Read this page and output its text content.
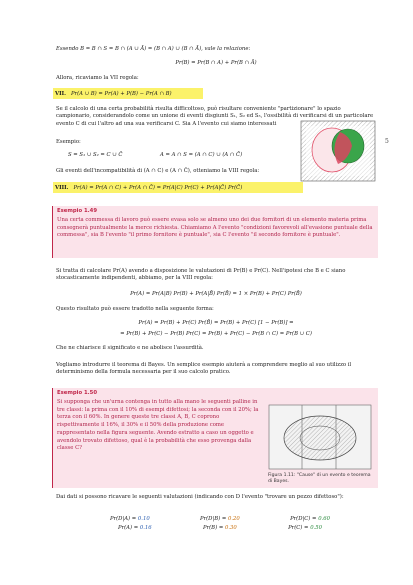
Essendo B = B ∩ S = B ∩ (A ∪ Ā) = (B ∩ A) ∪ (B ∩ Ā), vale la relazione:
Pr(B) = Pr(B ∩ A) + Pr(B ∩ Ā)
Allora, ricaviamo la VII regola:
VII. Pr(A ∪ B) = Pr(A) + P(B) − Pr(A ∩ B)
Se il calcolo di una certa probabilità risulta difficoltoso, può risultare conveniente "partizionare" lo spazio campionario, considerandolo come un unione di eventi disgiunti S₁, S₂ ed S₃, l'ossibilità di verificarsi di un particolare evento C di cui l'altro ad una sua verificarsi C. Sia A l'evento cui siamo interessati
Esempio:
S = S₁ ∪ S₂ = C ∪ C̄	A = A ∩ S = (A ∩ C) ∪ (A ∩ C̄)
5
Gli eventi dell'incompatibilità di (A ∩ C) e (A ∩ C̄), otteniamo la VIII regola:
VIII. Pr(A) = Pr(A ∩ C) + Pr(A ∩ C̄) = Pr(A|C) Pr(C) + Pr(A|C̄) Pr(C̄)
Esempio 1.49
Una certa commessa di lavoro può essere evasa solo se almeno uno dei due fornitori di un elemento materia prima consegnerà puntualmente la merce richiesta. Chiamiamo A l'evento "condizioni favorevoli all'evasione puntuale della commessa", sia B l'evento "il primo fornitore è puntuale", sia C l'evento "il secondo fornitore è puntuale".
Si tratta di calcolare Pr(A) avendo a disposizione le valutazioni di Pr(B) e Pr(C). Nell'ipotesi che B e C siano stocasticamente indipendenti, abbiamo, per la VIII regola:
Pr(A) = Pr(A|B) Pr(B) + Pr(A|B̄) Pr(B̄) = 1 × Pr(B) + Pr(C) Pr(B̄)
Questo risultato può essere tradotto nella seguente forma:
Pr(A) = Pr(B) + Pr(C) Pr(B̄) = Pr(B) + Pr(C) [1 − Pr(B)] =
= Pr(B) + Pr(C) − Pr(B) Pr(C) = Pr(B) + Pr(C) − Pr(B ∩ C) = Pr(B ∪ C)
Che ne chiarisce il significato e ne abolisce l'assurdità.
Vogliamo introdurre il teorema di Bayes. Un semplice esempio aiuterà a comprendere meglio al suo utilizzo il determinismo della formula necessaria per il suo calcolo pratico.
Esempio 1.50
Si supponga che un'urna contenga in tutto alla mano le seguenti palline in tre classi: la prima con il 10% di esempi difettosi; la seconda con il 20%; la terza con il 60%. In genere queste tre classi A, B, C coprono rispettivamente il 16%, il 30% e il 50% della produzione come rappresentato nella figura seguente. Avendo estratto a caso un oggetto e avendolo trovato difettoso, qual è la probabilità che esso provenga dalla classe C?
Figura 1.11: "Cause" di un evento e teorema di Bayes.
Dai dati si possono ricavare le seguenti valutazioni (indicando con D l'evento "trovare un pezzo difettoso"):
Pr(D|A) = 0.10	Pr(D|B) = 0.20	Pr(D|C) = 0.60
Pr(A) = 0.16	Pr(B) = 0.30	Pr(C) = 0.50
